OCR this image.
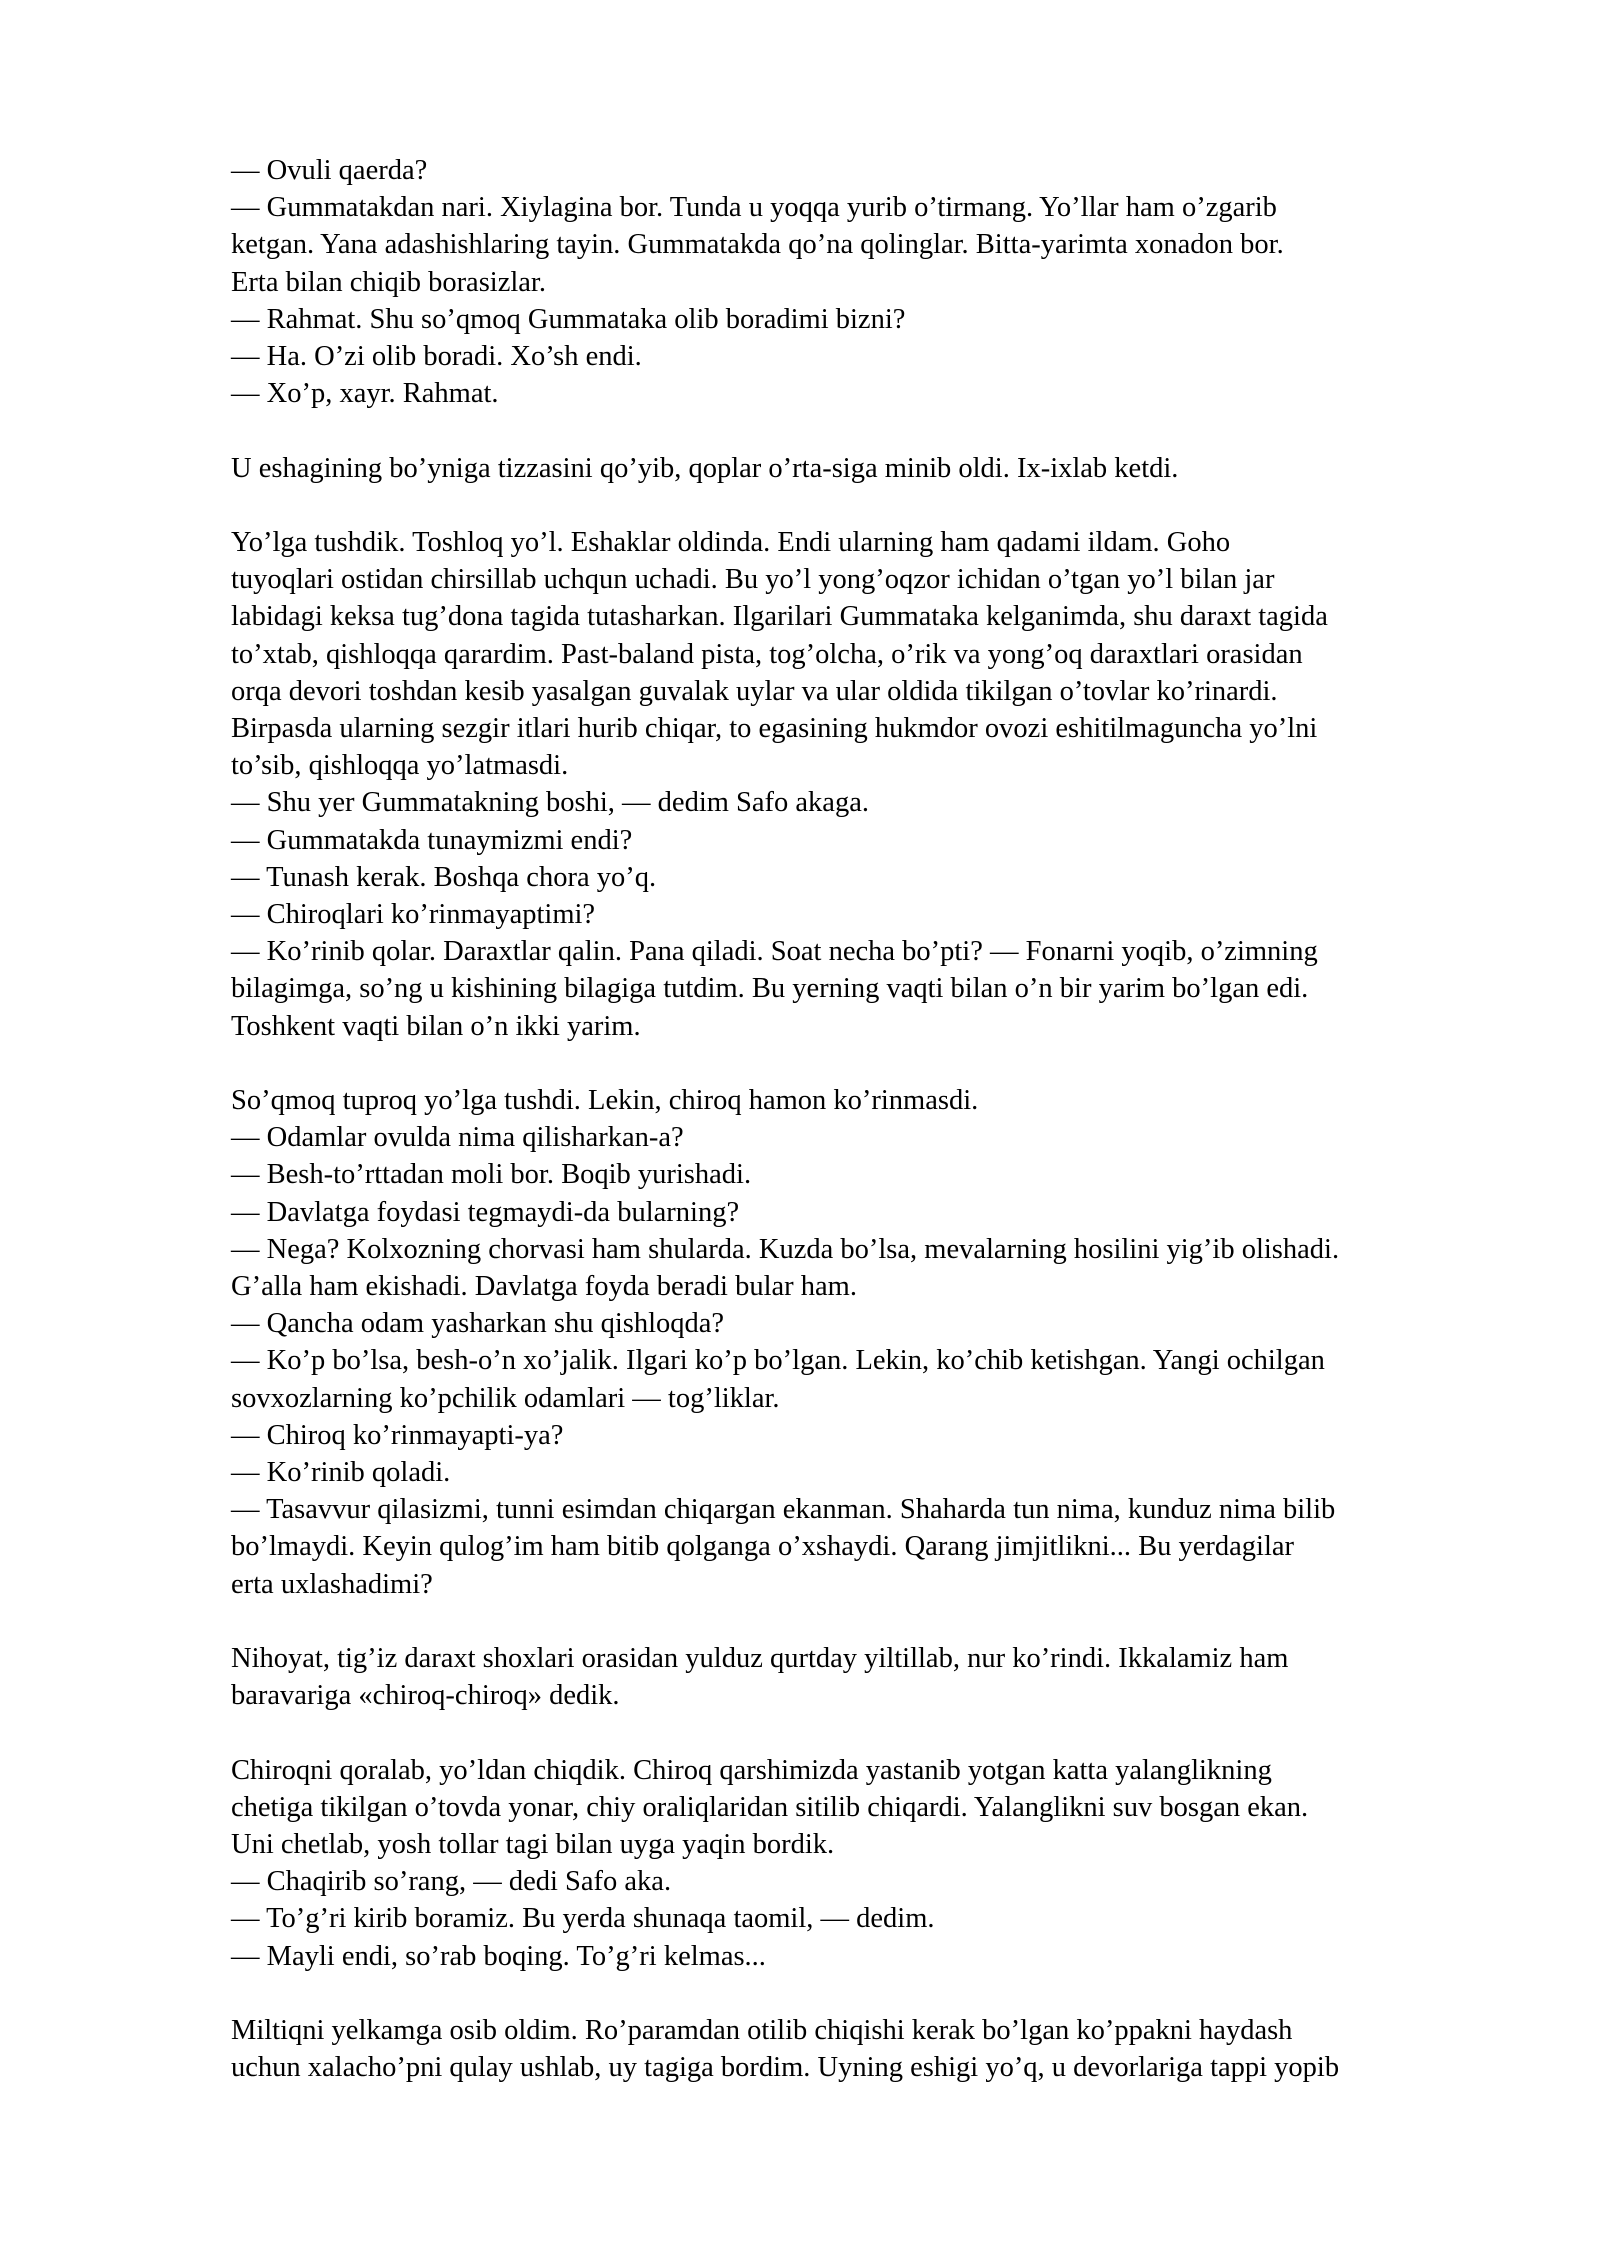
— Ovuli qaerda?
— Gummatakdan nari. Xiylagina bor. Tunda u yoqqa yurib o’tirmang. Yo’llar ham o’zgarib
ketgan. Yana adashishlaring tayin. Gummatakda qo’na qolinglar. Bitta-yarimta xonadon bor.
Erta bilan chiqib borasizlar.
— Rahmat. Shu so’qmoq Gummataka olib boradimi bizni?
— Ha. O’zi olib boradi. Xo’sh endi.
— Xo’p, xayr. Rahmat.

U eshagining bo’yniga tizzasini qo’yib, qoplar o’rta-siga minib oldi. Ix-ixlab ketdi.

Yo’lga tushdik. Toshloq yo’l. Eshaklar oldinda. Endi ularning ham qadami ildam. Goho
tuyoqlari ostidan chirsillab uchqun uchadi. Bu yo’l yong’oqzor ichidan o’tgan yo’l bilan jar
labidagi keksa tug’dona tagida tutasharkan. Ilgarilari Gummataka kelganimda, shu daraxt tagida
to’xtab, qishloqqa qarardim. Past-baland pista, tog’olcha, o’rik va yong’oq daraxtlari orasidan
orqa devori toshdan kesib yasalgan guvalak uylar va ular oldida tikilgan o’tovlar ko’rinardi.
Birpasda ularning sezgir itlari hurib chiqar, to egasining hukmdor ovozi eshitilmaguncha yo’lni
to’sib, qishloqqa yo’latmasdi.
— Shu yer Gummatakning boshi, — dedim Safo akaga.
— Gummatakda tunaymizmi endi?
— Tunash kerak. Boshqa chora yo’q.
— Chiroqlari ko’rinmayaptimi?
— Ko’rinib qolar. Daraxtlar qalin. Pana qiladi. Soat necha bo’pti? — Fonarni yoqib, o’zimning
bilagimga, so’ng u kishining bilagiga tutdim. Bu yerning vaqti bilan o’n bir yarim bo’lgan edi.
Toshkent vaqti bilan o’n ikki yarim.

So’qmoq tuproq yo’lga tushdi. Lekin, chiroq hamon ko’rinmasdi.
— Odamlar ovulda nima qilisharkan-a?
— Besh-to’rttadan moli bor. Boqib yurishadi.
— Davlatga foydasi tegmaydi-da bularning?
— Nega? Kolxozning chorvasi ham shularda. Kuzda bo’lsa, mevalarning hosilini yig’ib olishadi.
G’alla ham ekishadi. Davlatga foyda beradi bular ham.
— Qancha odam yasharkan shu qishloqda?
— Ko’p bo’lsa, besh-o’n xo’jalik. Ilgari ko’p bo’lgan. Lekin, ko’chib ketishgan. Yangi ochilgan
sovxozlarning ko’pchilik odamlari — tog’liklar.
— Chiroq ko’rinmayapti-ya?
— Ko’rinib qoladi.
— Tasavvur qilasizmi, tunni esimdan chiqargan ekanman. Shaharda tun nima, kunduz nima bilib
bo’lmaydi. Keyin qulog’im ham bitib qolganga o’xshaydi. Qarang jimjitlikni... Bu yerdagilar
erta uxlashadimi?

Nihoyat, tig’iz daraxt shoxlari orasidan yulduz qurtday yiltillab, nur ko’rindi. Ikkalamiz ham
baravariga «chiroq-chiroq» dedik.

Chiroqni qoralab, yo’ldan chiqdik. Chiroq qarshimizda yastanib yotgan katta yalanglikning
chetiga tikilgan o’tovda yonar, chiy oraliqlaridan sitilib chiqardi. Yalanglikni suv bosgan ekan.
Uni chetlab, yosh tollar tagi bilan uyga yaqin bordik.
— Chaqirib so’rang, — dedi Safo aka.
— To’g’ri kirib boramiz. Bu yerda shunaqa taomil, — dedim.
— Mayli endi, so’rab boqing. To’g’ri kelmas...

Miltiqni yelkamga osib oldim. Ro’paramdan otilib chiqishi kerak bo’lgan ko’ppakni haydash
uchun xalacho’pni qulay ushlab, uy tagiga bordim. Uyning eshigi yo’q, u devorlariga tappi yopib
